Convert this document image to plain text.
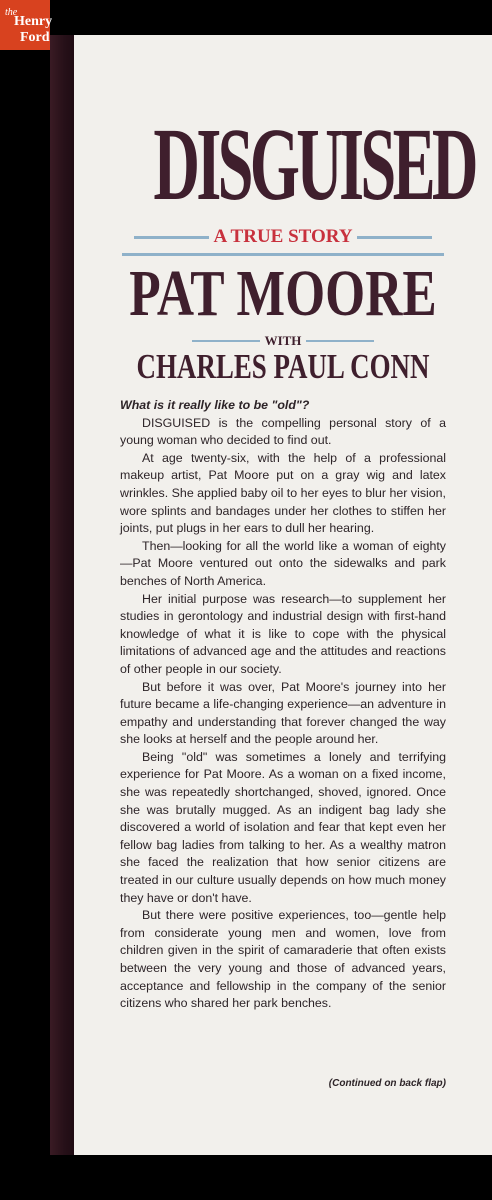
the
Henry
Ford
DISGUISED
A TRUE STORY
PAT MOORE
WITH
CHARLES PAUL CONN

What is it really like to be "old"?

DISGUISED is the compelling personal story of a young woman who decided to find out.

At age twenty-six, with the help of a professional makeup artist, Pat Moore put on a gray wig and latex wrinkles. She applied baby oil to her eyes to blur her vision, wore splints and bandages under her clothes to stiffen her joints, put plugs in her ears to dull her hearing.

Then—looking for all the world like a woman of eighty—Pat Moore ventured out onto the sidewalks and park benches of North America.

Her initial purpose was research—to supplement her studies in gerontology and industrial design with first-hand knowledge of what it is like to cope with the physical limitations of advanced age and the attitudes and reactions of other people in our society.

But before it was over, Pat Moore's journey into her future became a life-changing experience—an adventure in empathy and understanding that forever changed the way she looks at herself and the people around her.

Being "old" was sometimes a lonely and terrifying experience for Pat Moore. As a woman on a fixed income, she was repeatedly shortchanged, shoved, ignored. Once she was brutally mugged. As an indigent bag lady she discovered a world of isolation and fear that kept even her fellow bag ladies from talking to her. As a wealthy matron she faced the realization that how senior citizens are treated in our culture usually depends on how much money they have or don't have.

But there were positive experiences, too—gentle help from considerate young men and women, love from children given in the spirit of camaraderie that often exists between the very young and those of advanced years, acceptance and fellowship in the company of the senior citizens who shared her park benches.

(Continued on back flap)
